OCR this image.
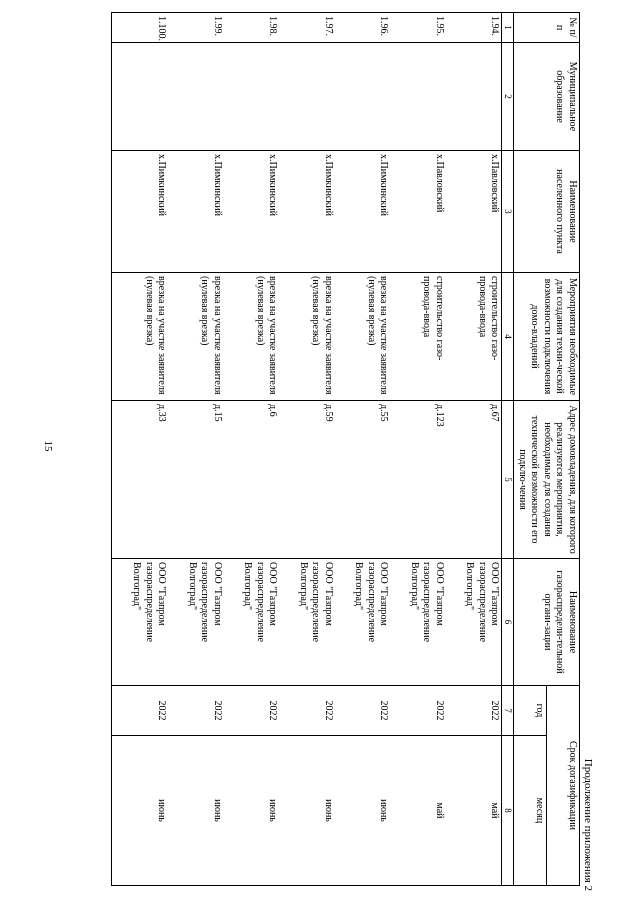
15
Продолжение приложения 2
№ п/п	Муниципальное образование	Наименование населенного пункта	Мероприятия необходимые для создания техни-ческой возможности подключения домо-владений	Адрес домовладения, для которого реализуются мероприятия, необходимые для создания технической возможности его подклю-чения	Наименование газораспредели-тельной органи-зации	Срок догазификации	
						год	месяц
1	2	3	4	5	6	7	8
1.94.		х.Павловский	строительство газо-провода-ввода	д.67	ООО "Газпром газораспределение Волгоград"	2022	май
1.95.		х.Павловский	строительство газо-провода-ввода	д.123	ООО "Газпром газораспределение Волгоград"	2022	май
1.96.		х.Пимкинский	врезка на участке заявителя (нулевая врезка)	д.55	ООО "Газпром газораспределение Волгоград"	2022	июнь
1.97.		х.Пимкинский	врезка на участке заявителя (нулевая врезка)	д.59	ООО "Газпром газораспределение Волгоград"	2022	июнь
1.98.		х.Пимкинский	врезка на участке заявителя (нулевая врезка)	д.6	ООО "Газпром газораспределение Волгоград"	2022	июнь
1.99.		х.Пимкинский	врезка на участке заявителя (нулевая врезка)	д.15	ООО "Газпром газораспределение Волгоград"	2022	июнь
1.100.		х.Пимкинский	врезка на участке заявителя (нулевая врезка)	д.33	ООО "Газпром газораспределение Волгоград"	2022	июнь
